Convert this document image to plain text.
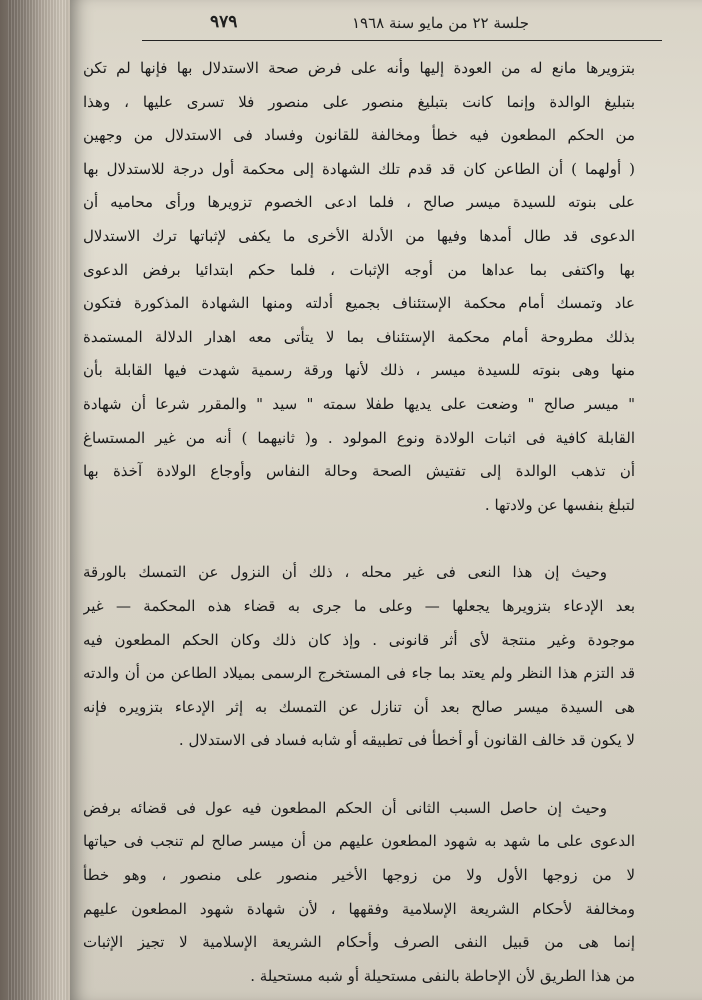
٩٧٩	جلسة ٢٢ من مايو سنة ١٩٦٨

بتزويرها مانع له من العودة إليها وأنه على فرض صحة الاستدلال بها فإنها لم تكن
بتبليغ الوالدة وإنما كانت بتبليغ منصور على منصور فلا تسرى عليها ، وهذا
من الحكم المطعون فيه خطأ ومخالفة للقانون وفساد فى الاستدلال من وجهين
( أولهما ) أن الطاعن كان قد قدم تلك الشهادة إلى محكمة أول درجة للاستدلال بها
على بنوته للسيدة ميسر صالح ، فلما ادعى الخصوم تزويرها ورأى محاميه أن
الدعوى قد طال أمدها وفيها من الأدلة الأخرى ما يكفى لإثباتها ترك الاستدلال
بها واكتفى بما عداها من أوجه الإثبات ، فلما حكم ابتدائيا برفض الدعوى
عاد وتمسك أمام محكمة الإستئناف بجميع أدلته ومنها الشهادة المذكورة فتكون
بذلك مطروحة أمام محكمة الإستئناف بما لا يتأتى معه اهدار الدلالة المستمدة
منها وهى بنوته للسيدة ميسر ، ذلك لأنها ورقة رسمية شهدت فيها القابلة بأن
" ميسر صالح " وضعت على يديها طفلا سمته " سيد " والمقرر شرعا أن شهادة
القابلة كافية فى اثبات الولادة ونوع المولود . و( ثانيهما ) أنه من غير المستساغ
أن تذهب الوالدة إلى تفتيش الصحة وحالة النفاس وأوجاع الولادة آخذة بها
لتبلغ بنفسها عن ولادتها .

وحيث إن هذا النعى فى غير محله ، ذلك أن النزول عن التمسك بالورقة
بعد الإدعاء بتزويرها يجعلها — وعلى ما جرى به قضاء هذه المحكمة — غير
موجودة وغير منتجة لأى أثر قانونى . وإذ كان ذلك وكان الحكم المطعون فيه
قد التزم هذا النظر ولم يعتد بما جاء فى المستخرج الرسمى بميلاد الطاعن من أن والدته
هى السيدة ميسر صالح بعد أن تنازل عن التمسك به إثر الإدعاء بتزويره فإنه
لا يكون قد خالف القانون أو أخطأ فى تطبيقه أو شابه فساد فى الاستدلال .

وحيث إن حاصل السبب الثانى أن الحكم المطعون فيه عول فى قضائه برفض
الدعوى على ما شهد به شهود المطعون عليهم من أن ميسر صالح لم تنجب فى حياتها
لا من زوجها الأول ولا من زوجها الأخير منصور على منصور ، وهو خطأ
ومخالفة لأحكام الشريعة الإسلامية وفقهها ، لأن شهادة شهود المطعون عليهم
إنما هى من قبيل النفى الصرف وأحكام الشريعة الإسلامية لا تجيز الإثبات
من هذا الطريق لأن الإحاطة بالنفى مستحيلة أو شبه مستحيلة .
